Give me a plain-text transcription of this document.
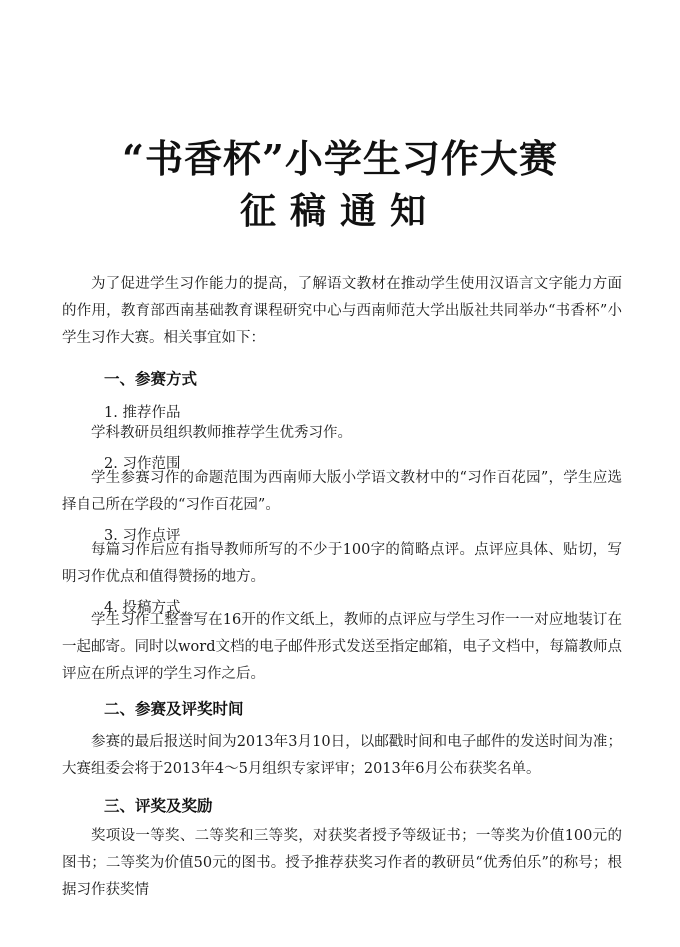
“书香杯”小学生习作大赛
征稿通知
为了促进学生习作能力的提高，了解语文教材在推动学生使用汉语言文字能力方面的作用，教育部西南基础教育课程研究中心与西南师范大学出版社共同举办“书香杯”小学生习作大赛。相关事宜如下：
一、参赛方式
1. 推荐作品
学科教研员组织教师推荐学生优秀习作。
2. 习作范围
学生参赛习作的命题范围为西南师大版小学语文教材中的“习作百花园”，学生应选择自己所在学段的“习作百花园”。
3. 习作点评
每篇习作后应有指导教师所写的不少于100字的简略点评。点评应具体、贴切，写明习作优点和值得赞扬的地方。
4. 投稿方式
学生习作工整誊写在16开的作文纸上，教师的点评应与学生习作一一对应地装订在一起邮寄。同时以word文档的电子邮件形式发送至指定邮箱，电子文档中，每篇教师点评应在所点评的学生习作之后。
二、参赛及评奖时间
参赛的最后报送时间为2013年3月10日，以邮戳时间和电子邮件的发送时间为准；大赛组委会将于2013年4～5月组织专家评审；2013年6月公布获奖名单。
三、评奖及奖励
奖项设一等奖、二等奖和三等奖，对获奖者授予等级证书；一等奖为价值100元的图书；二等奖为价值50元的图书。授予推荐获奖习作者的教研员“优秀伯乐”的称号；根据习作获奖情
